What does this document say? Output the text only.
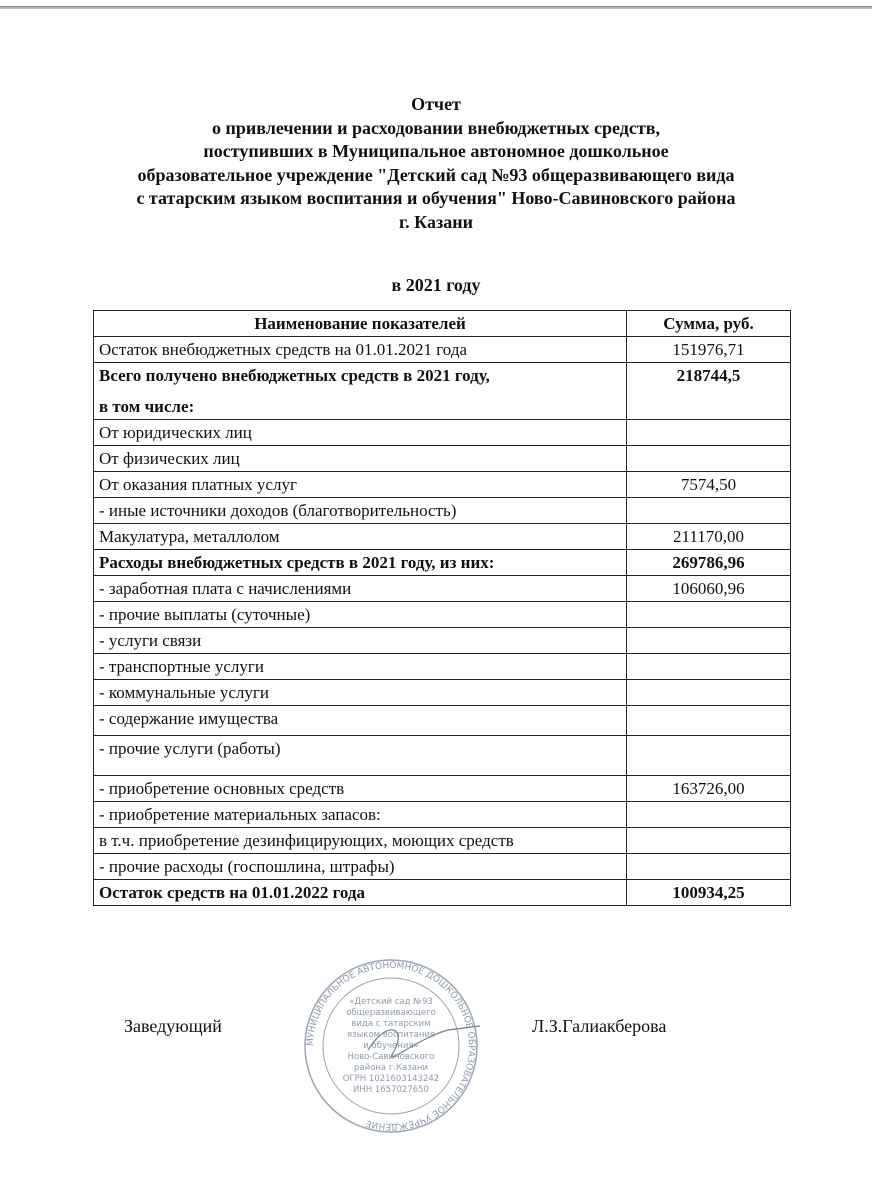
Отчет
о привлечении и расходовании внебюджетных средств,
поступивших в Муниципальное автономное дошкольное
образовательное учреждение "Детский сад №93 общеразвивающего вида
с татарским языком воспитания и обучения" Ново-Савиновского района
г. Казани
в 2021 году
Наименование показателей	Сумма, руб.

Остаток внебюджетных средств на 01.01.2021 года	151976,71

Всего получено внебюджетных средств в 2021 году,
в том числе:	218744,5

От юридических лиц	

От физических лиц	

От оказания платных услуг	7574,50

- иные источники доходов (благотворительность)	

Макулатура, металлолом	211170,00

Расходы внебюджетных средств в 2021 году, из них:	269786,96

- заработная плата с начислениями	106060,96

- прочие выплаты (суточные)	

- услуги связи	

- транспортные услуги	

- коммунальные услуги	

- содержание имущества	

- прочие услуги (работы)	

- приобретение основных средств	163726,00

- приобретение материальных запасов:	

в т.ч. приобретение дезинфицирующих, моющих средств	

- прочие расходы (госпошлина, штрафы)	

Остаток средств на 01.01.2022 года	100934,25
Заведующий	Л.З.Галиакберова
МУНИЦИПАЛЬНОЕ АВТОНОМНОЕ ДОШКОЛЬНОЕ ОБРАЗОВАТЕЛЬНОЕ УЧРЕЖДЕНИЕ
«Детский сад №93
общеразвивающего
вида с татарским
языком воспитания
и обучения»
Ново-Савиновского
района г.Казани
ОГРН 1021603143242
ИНН 1657027650
